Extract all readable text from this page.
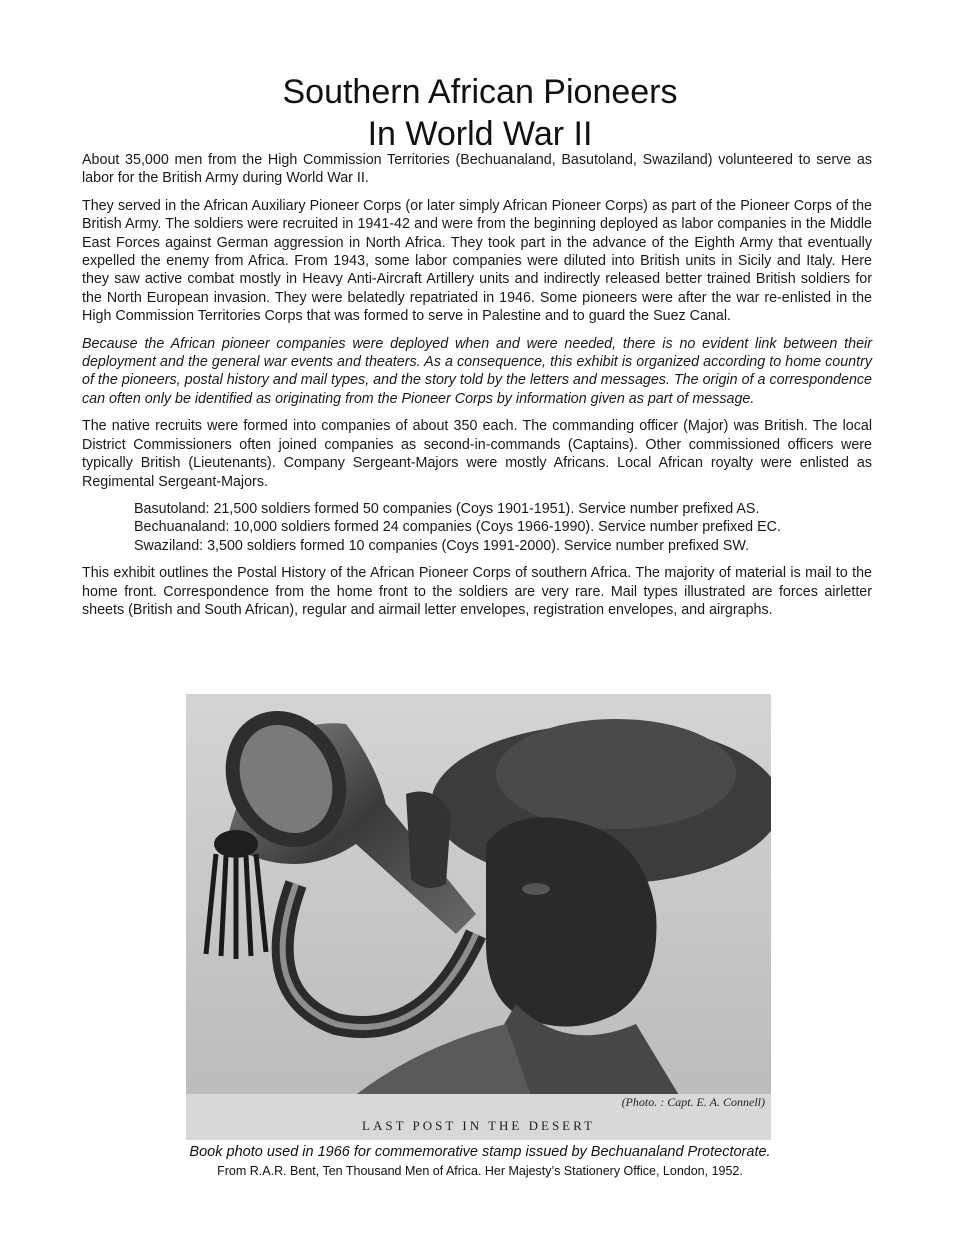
Southern African Pioneers
In World War II

About 35,000 men from the High Commission Territories (Bechuanaland, Basutoland, Swaziland) volunteered to serve as labor for the British Army during World War II.

They served in the African Auxiliary Pioneer Corps (or later simply African Pioneer Corps) as part of the Pioneer Corps of the British Army. The soldiers were recruited in 1941-42 and were from the beginning deployed as labor companies in the Middle East Forces against German aggression in North Africa. They took part in the advance of the Eighth Army that eventually expelled the enemy from Africa. From 1943, some labor companies were diluted into British units in Sicily and Italy. Here they saw active combat mostly in Heavy Anti-Aircraft Artillery units and indirectly released better trained British soldiers for the North European invasion. They were belatedly repatriated in 1946. Some pioneers were after the war re-enlisted in the High Commission Territories Corps that was formed to serve in Palestine and to guard the Suez Canal.

Because the African pioneer companies were deployed when and were needed, there is no evident link between their deployment and the general war events and theaters. As a consequence, this exhibit is organized according to home country of the pioneers, postal history and mail types, and the story told by the letters and messages. The origin of a correspondence can often only be identified as originating from the Pioneer Corps by information given as part of message.

The native recruits were formed into companies of about 350 each. The commanding officer (Major) was British. The local District Commissioners often joined companies as second-in-commands (Captains). Other commissioned officers were typically British (Lieutenants). Company Sergeant-Majors were mostly Africans. Local African royalty were enlisted as Regimental Sergeant-Majors.

Basutoland: 21,500 soldiers formed 50 companies (Coys 1901-1951). Service number prefixed AS.
Bechuanaland: 10,000 soldiers formed 24 companies (Coys 1966-1990). Service number prefixed EC.
Swaziland: 3,500 soldiers formed 10 companies (Coys 1991-2000). Service number prefixed SW.

This exhibit outlines the Postal History of the African Pioneer Corps of southern Africa. The majority of material is mail to the home front. Correspondence from the home front to the soldiers are very rare. Mail types illustrated are forces airletter sheets (British and South African), regular and airmail letter envelopes, registration envelopes, and airgraphs.

(Photo. : Capt. E. A. Connell)
LAST POST IN THE DESERT
Book photo used in 1966 for commemorative stamp issued by Bechuanaland Protectorate.
From R.A.R. Bent, Ten Thousand Men of Africa. Her Majesty’s Stationery Office, London, 1952.
